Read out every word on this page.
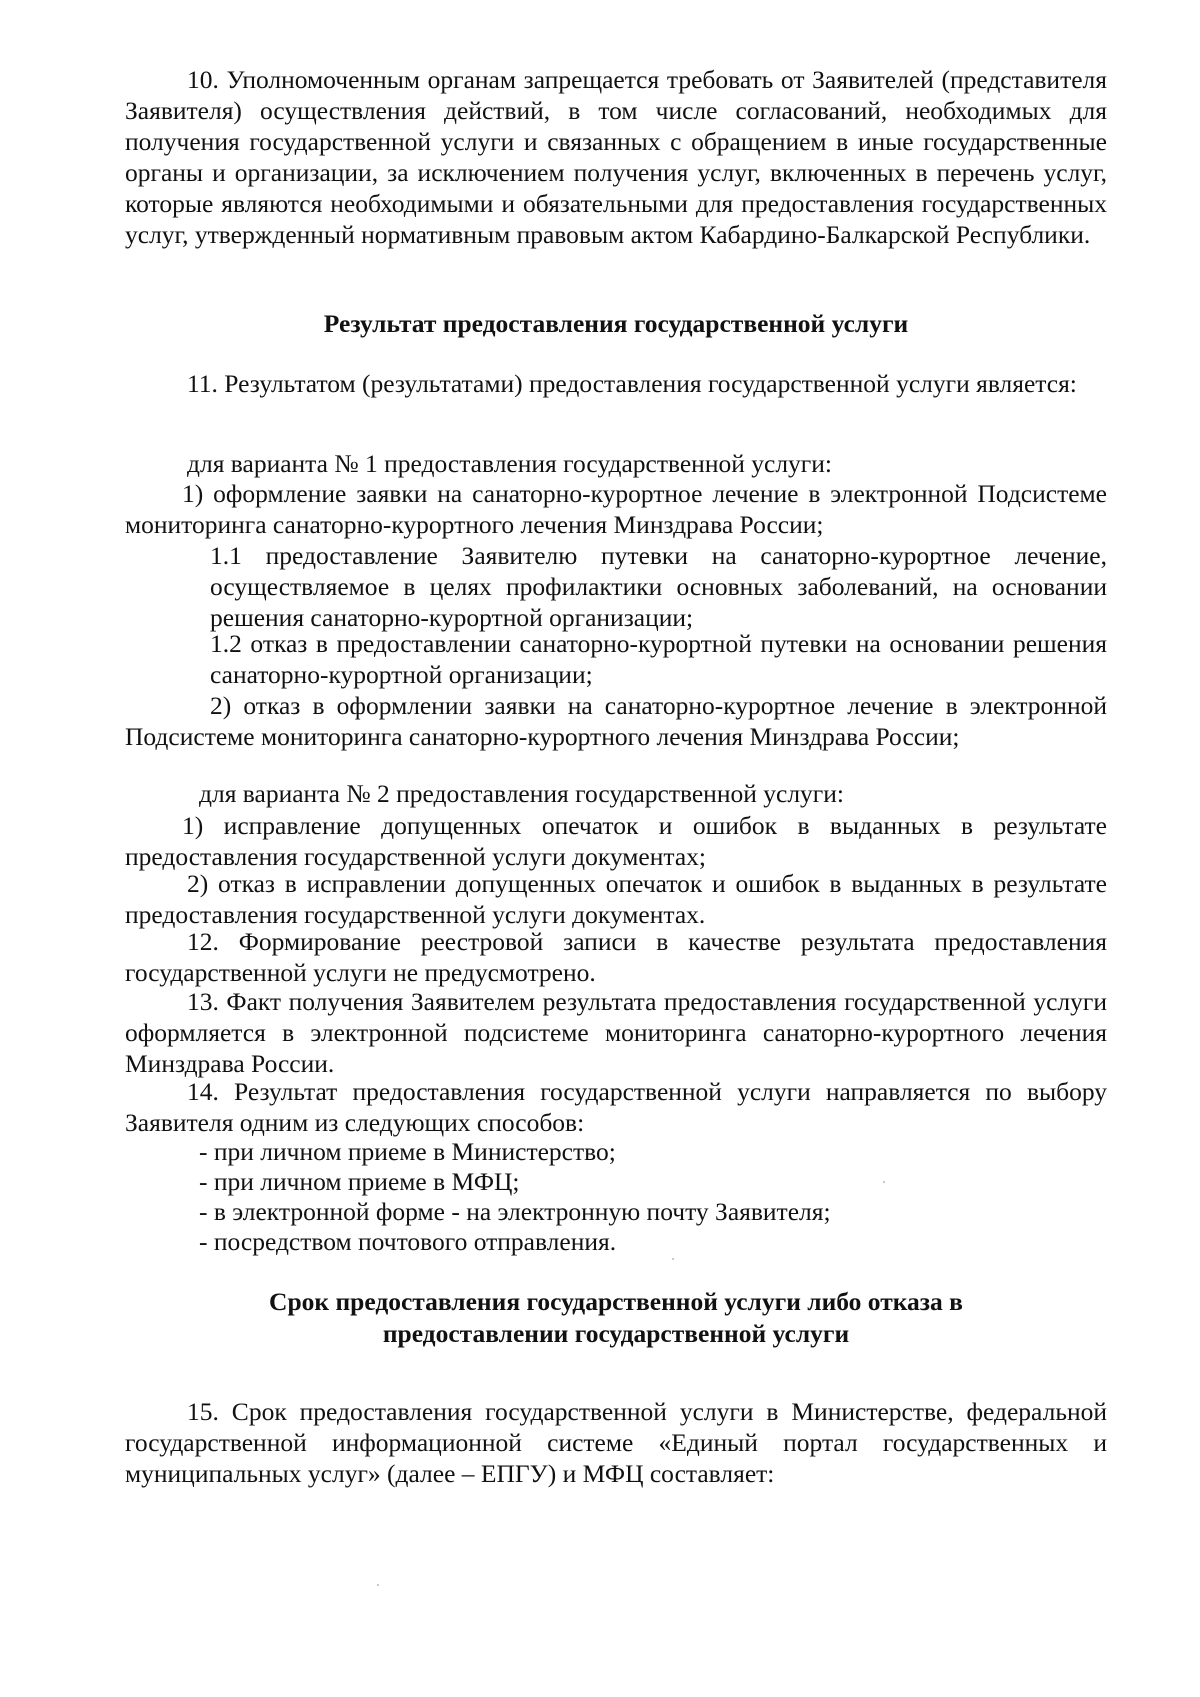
10. Уполномоченным органам запрещается требовать от Заявителей (представителя Заявителя) осуществления действий, в том числе согласований, необходимых для получения государственной услуги и связанных с обращением в иные государственные органы и организации, за исключением получения услуг, включенных в перечень услуг, которые являются необходимыми и обязательными для предоставления государственных услуг, утвержденный нормативным правовым актом Кабардино-Балкарской Республики.

Результат предоставления государственной услуги

11. Результатом (результатами) предоставления государственной услуги является:

для варианта № 1 предоставления государственной услуги:

1) оформление заявки на санаторно-курортное лечение в электронной Подсистеме мониторинга санаторно-курортного лечения Минздрава России;

1.1 предоставление Заявителю путевки на санаторно-курортное лечение, осуществляемое в целях профилактики основных заболеваний, на основании решения санаторно-курортной организации;

1.2 отказ в предоставлении санаторно-курортной путевки на основании решения санаторно-курортной организации;

2) отказ в оформлении заявки на санаторно-курортное лечение в электронной Подсистеме мониторинга санаторно-курортного лечения Минздрава России;

для варианта № 2 предоставления государственной услуги:

1) исправление допущенных опечаток и ошибок в выданных в результате предоставления государственной услуги документах;

2) отказ в исправлении допущенных опечаток и ошибок в выданных в результате предоставления государственной услуги документах.

12. Формирование реестровой записи в качестве результата предоставления государственной услуги не предусмотрено.

13. Факт получения Заявителем результата предоставления государственной услуги оформляется в электронной подсистеме мониторинга санаторно-курортного лечения Минздрава России.

14. Результат предоставления государственной услуги направляется по выбору Заявителя одним из следующих способов:

- при личном приеме в Министерство;

- при личном приеме в МФЦ;

- в электронной форме - на электронную почту Заявителя;

- посредством почтового отправления.

Срок предоставления государственной услуги либо отказа в

предоставлении государственной услуги

15. Срок предоставления государственной услуги в Министерстве, федеральной государственной информационной системе «Единый портал государственных и муниципальных услуг» (далее – ЕПГУ) и МФЦ составляет:
